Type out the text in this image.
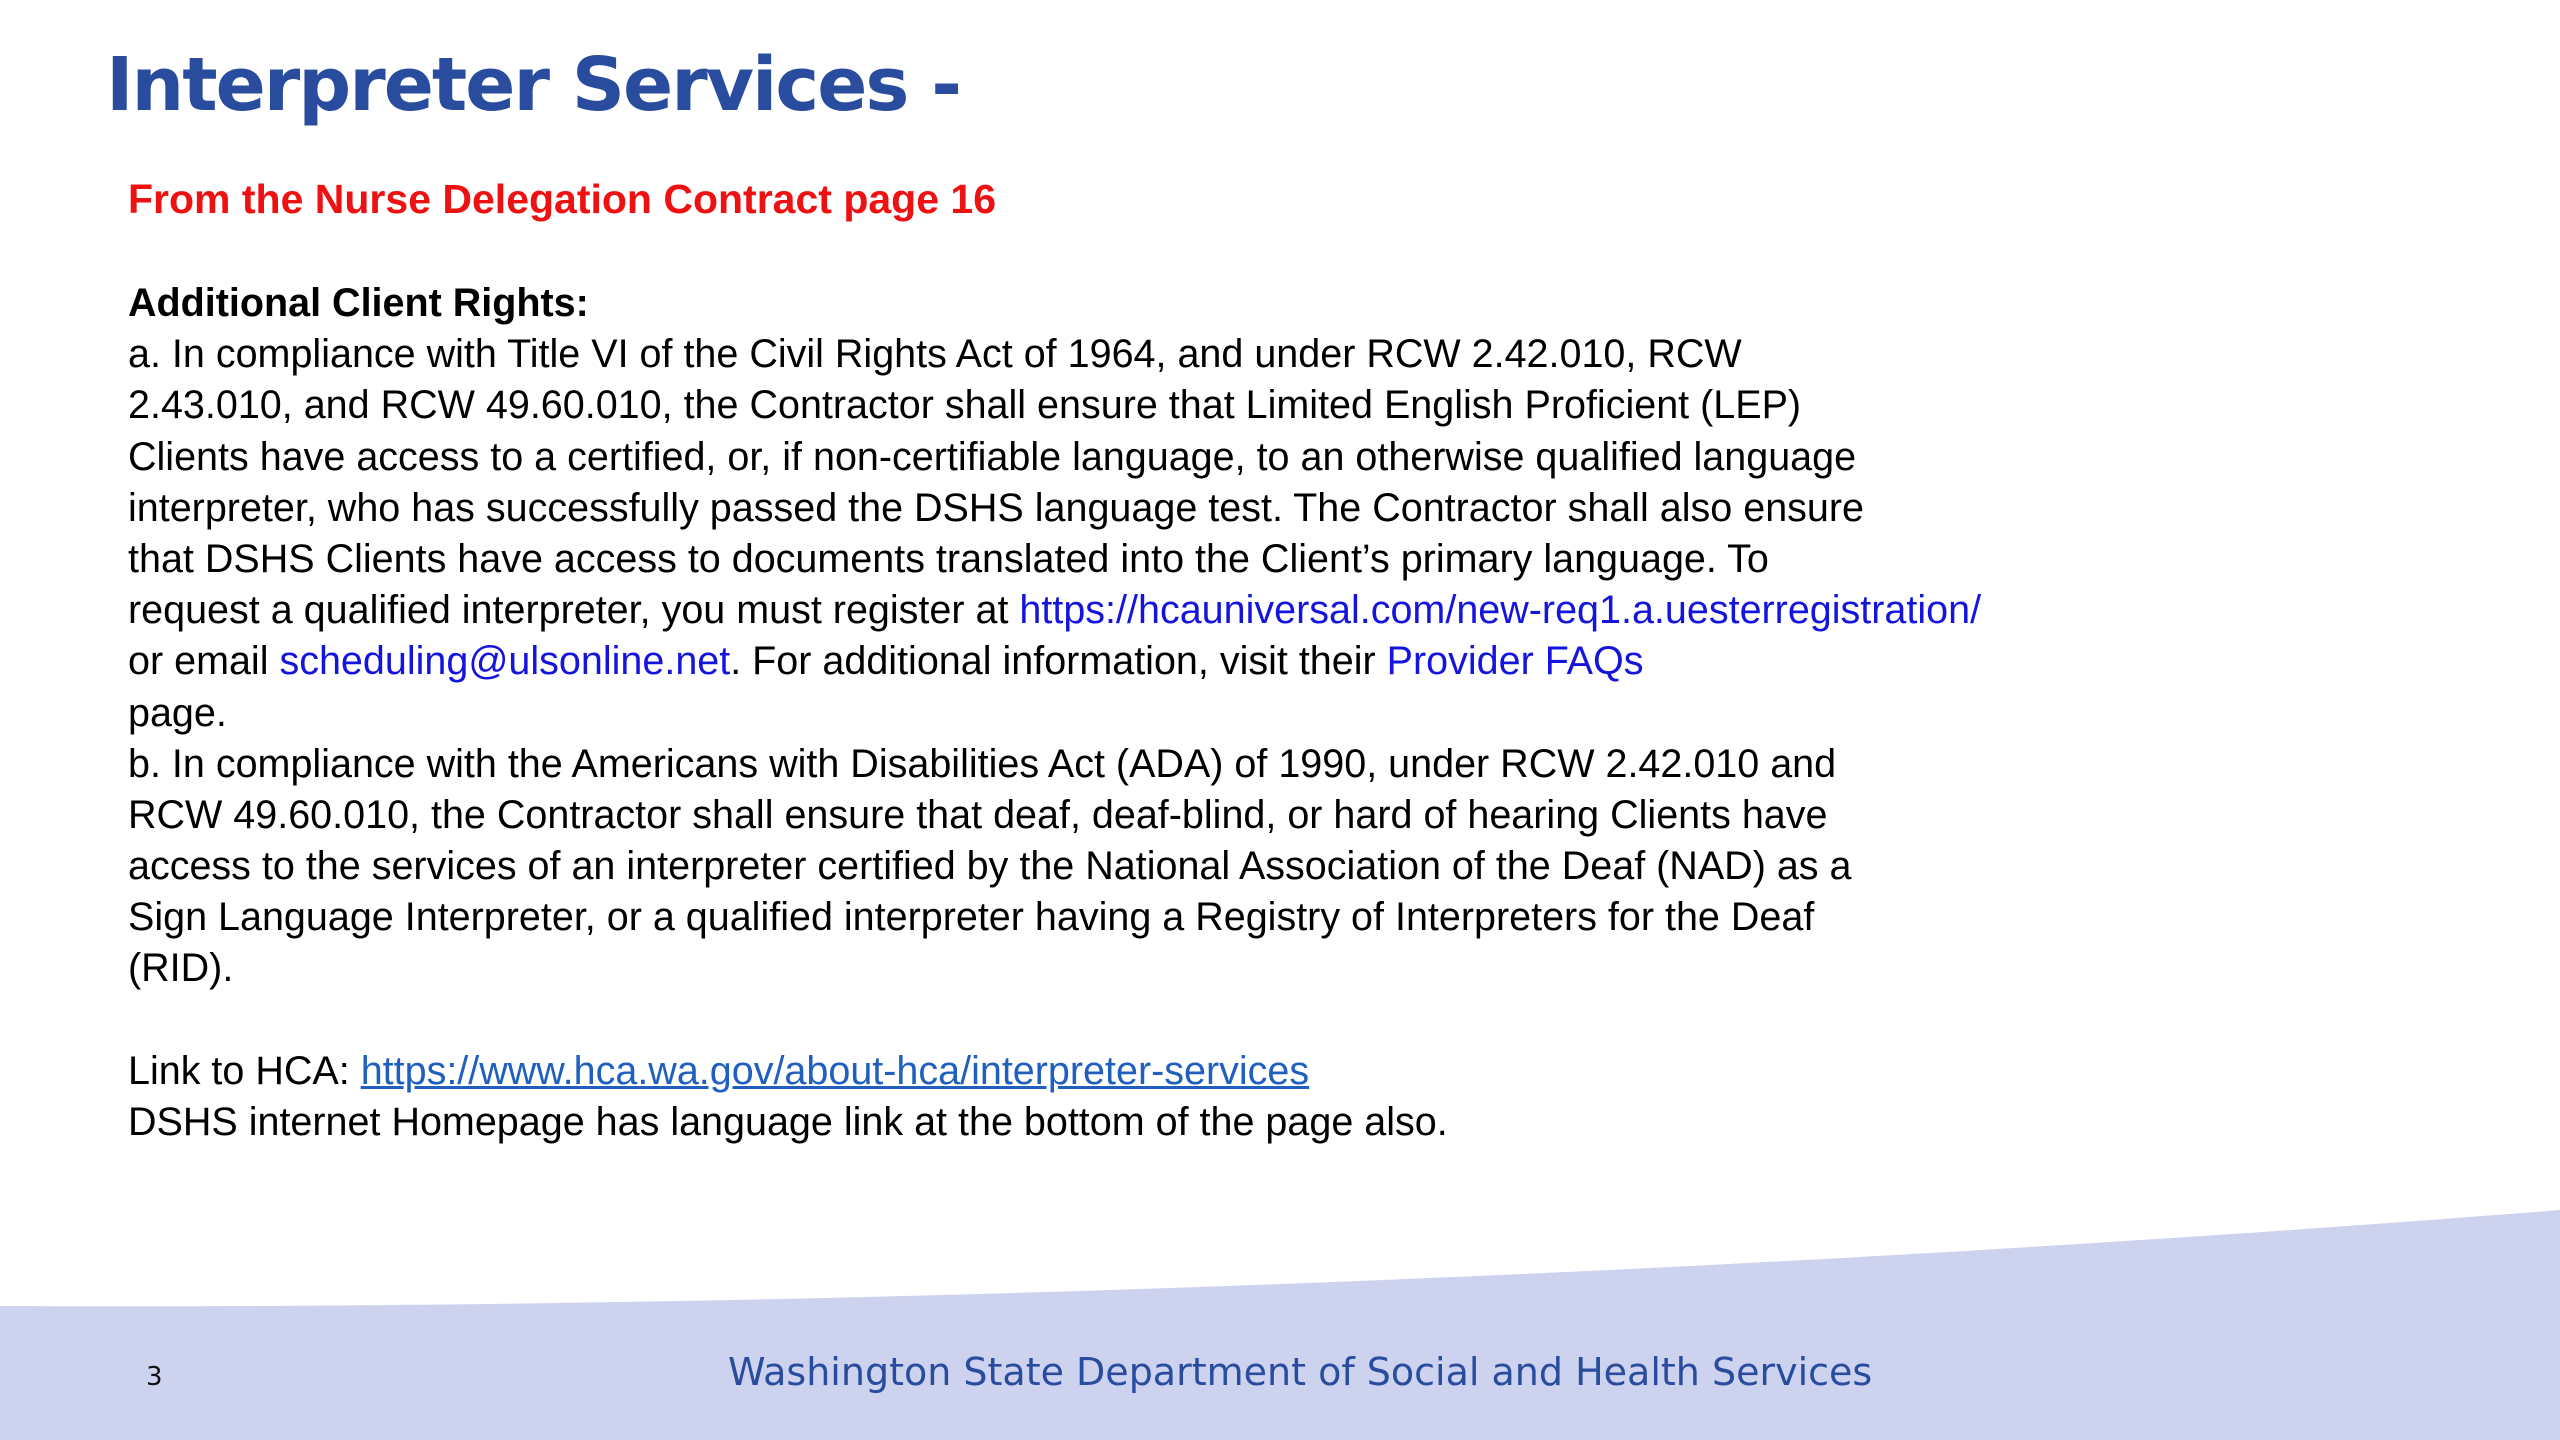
Interpreter Services -

From the Nurse Delegation Contract page 16

Additional Client Rights:
a. In compliance with Title VI of the Civil Rights Act of 1964, and under RCW 2.42.010, RCW
2.43.010, and RCW 49.60.010, the Contractor shall ensure that Limited English Proficient (LEP)
Clients have access to a certified, or, if non-certifiable language, to an otherwise qualified language
interpreter, who has successfully passed the DSHS language test. The Contractor shall also ensure
that DSHS Clients have access to documents translated into the Client’s primary language. To
request a qualified interpreter, you must register at https://hcauniversal.com/new-req1.a.uesterregistration/
or email scheduling@ulsonline.net. For additional information, visit their Provider FAQs
page.
b. In compliance with the Americans with Disabilities Act (ADA) of 1990, under RCW 2.42.010 and
RCW 49.60.010, the Contractor shall ensure that deaf, deaf-blind, or hard of hearing Clients have
access to the services of an interpreter certified by the National Association of the Deaf (NAD) as a
Sign Language Interpreter, or a qualified interpreter having a Registry of Interpreters for the Deaf
(RID).
Link to HCA: https://www.hca.wa.gov/about-hca/interpreter-services
DSHS internet Homepage has language link at the bottom of the page also.
3	Washington State Department of Social and Health Services
